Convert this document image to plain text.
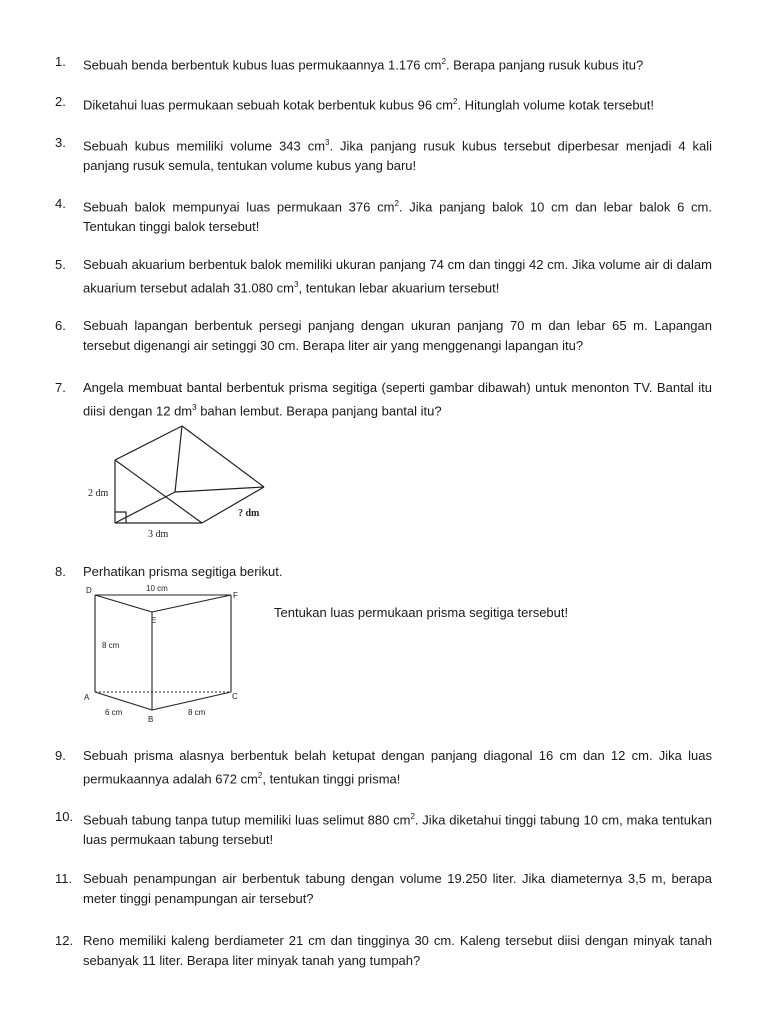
1. Sebuah benda berbentuk kubus luas permukaannya 1.176 $cm^2$. Berapa panjang rusuk kubus itu?
2. Diketahui luas permukaan sebuah kotak berbentuk kubus 96 $cm^2$. Hitunglah volume kotak tersebut!
3. Sebuah kubus memiliki volume 343 $cm^3$. Jika panjang rusuk kubus tersebut diperbesar menjadi 4 kali panjang rusuk semula, tentukan volume kubus yang baru!
4. Sebuah balok mempunyai luas permukaan 376 $cm^2$. Jika panjang balok 10 cm dan lebar balok 6 cm. Tentukan tinggi balok tersebut!
5. Sebuah akuarium berbentuk balok memiliki ukuran panjang 74 cm dan tinggi 42 cm. Jika volume air di dalam akuarium tersebut adalah 31.080 $cm^3$, tentukan lebar akuarium tersebut!
6. Sebuah lapangan berbentuk persegi panjang dengan ukuran panjang 70 m dan lebar 65 m. Lapangan tersebut digenangi air setinggi 30 cm. Berapa liter air yang menggenangi lapangan itu?
7. Angela membuat bantal berbentuk prisma segitiga (seperti gambar dibawah) untuk menonton TV. Bantal itu diisi dengan 12 $dm^3$ bahan lembut. Berapa panjang bantal itu?
2 dm
3 dm
? dm
8. Perhatikan prisma segitiga berikut.
D
E
F
A
B
C
10 cm
8 cm
6 cm	8 cm
Tentukan luas permukaan prisma segitiga tersebut!
9. Sebuah prisma alasnya berbentuk belah ketupat dengan panjang diagonal 16 cm dan 12 cm. Jika luas permukaannya adalah 672 $cm^2$, tentukan tinggi prisma!
10. Sebuah tabung tanpa tutup memiliki luas selimut 880 $cm^2$. Jika diketahui tinggi tabung 10 cm, maka tentukan luas permukaan tabung tersebut!
11. Sebuah penampungan air berbentuk tabung dengan volume 19.250 liter. Jika diameternya 3,5 m, berapa meter tinggi penampungan air tersebut?
12. Reno memiliki kaleng berdiameter 21 cm dan tingginya 30 cm. Kaleng tersebut diisi dengan minyak tanah sebanyak 11 liter. Berapa liter minyak tanah yang tumpah?
